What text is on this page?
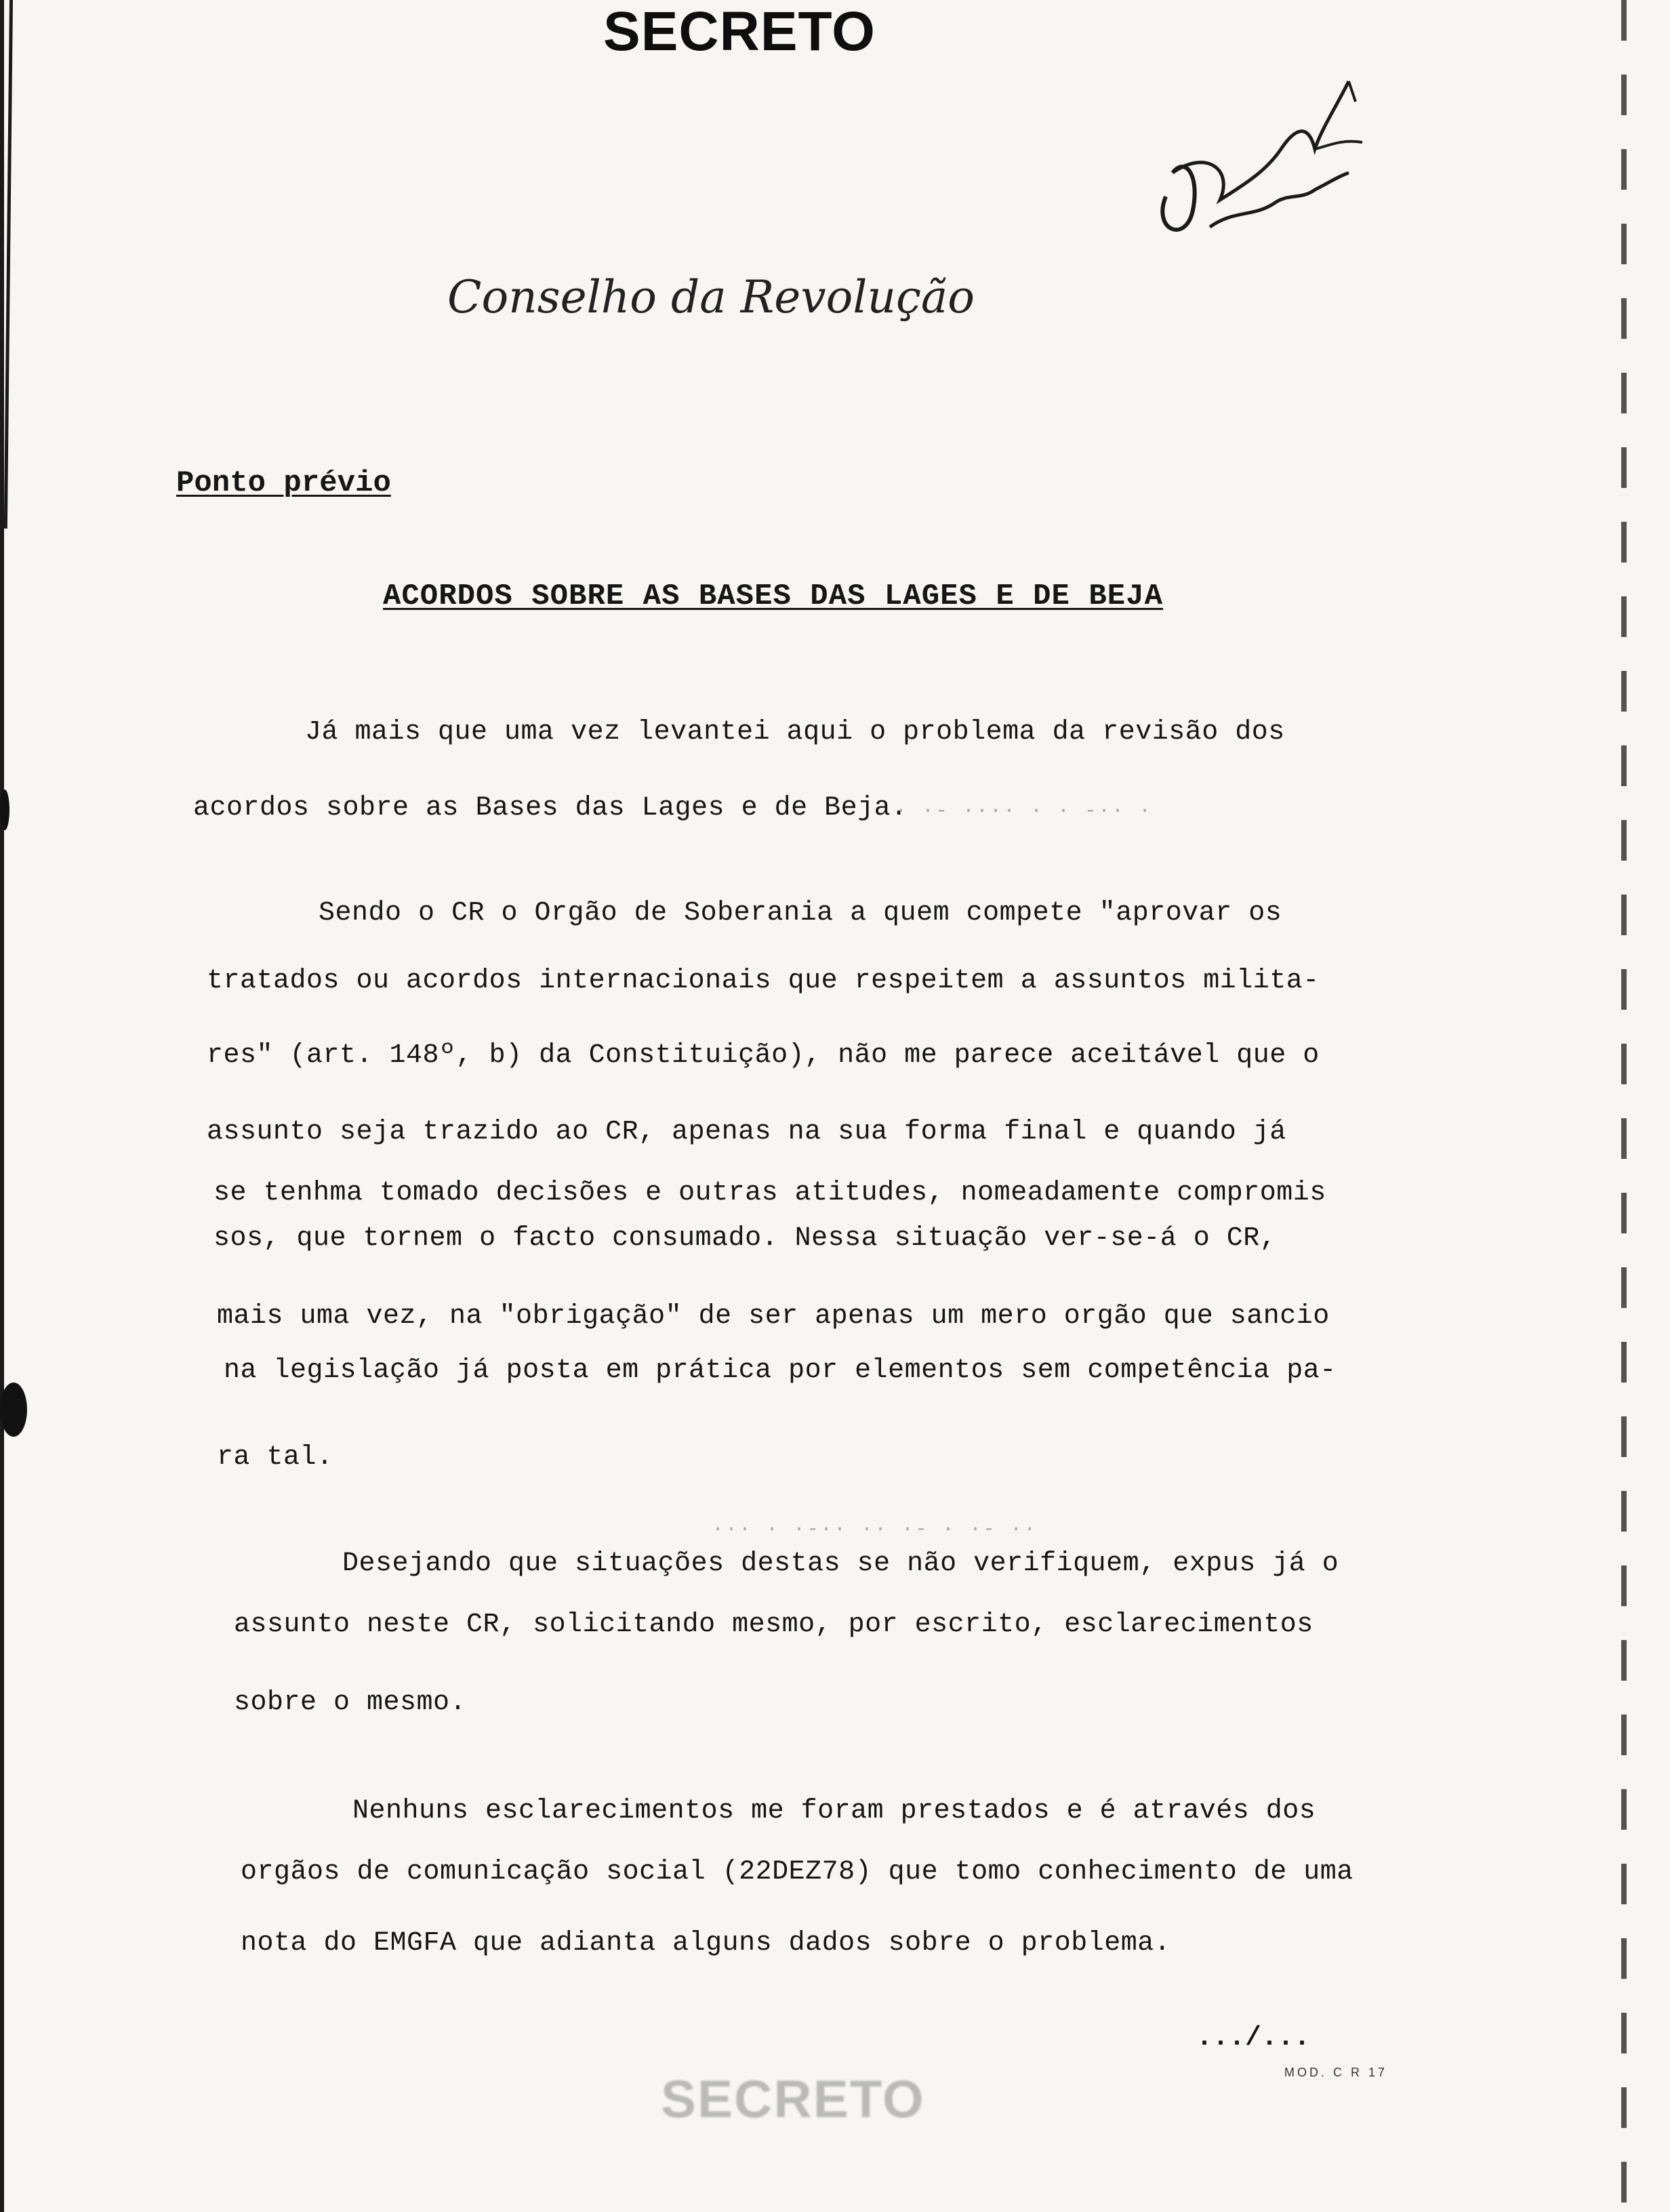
SECRETO
Conselho da Revolução
Ponto prévio
ACORDOS SOBRE AS BASES DAS LAGES E DE BEJA
Já mais que uma vez levantei aqui o problema da revisão dos
acordos sobre as Bases das Lages e de Beja.
· ·- ···· · · -·· ·
Sendo o CR o Orgão de Soberania a quem compete "aprovar os
tratados ou acordos internacionais que respeitem a assuntos milita-
res" (art. 148º, b) da Constituição), não me parece aceitável que o
assunto seja trazido ao CR, apenas na sua forma final e quando já
se tenhma tomado decisões e outras atitudes, nomeadamente compromis
sos, que tornem o facto consumado. Nessa situação ver-se-á o CR,
mais uma vez, na "obrigação" de ser apenas um mero orgão que sancio
na legislação já posta em prática por elementos sem competência pa-
ra tal.
··· · ·-·· ·· ·- · ·- ··
Desejando que situações destas se não verifiquem, expus já o
assunto neste CR, solicitando mesmo, por escrito, esclarecimentos
sobre o mesmo.
Nenhuns esclarecimentos me foram prestados e é através dos
orgãos de comunicação social (22DEZ78) que tomo conhecimento de uma
nota do EMGFA que adianta alguns dados sobre o problema.
.../...
MOD. C R 17
SECRETO
